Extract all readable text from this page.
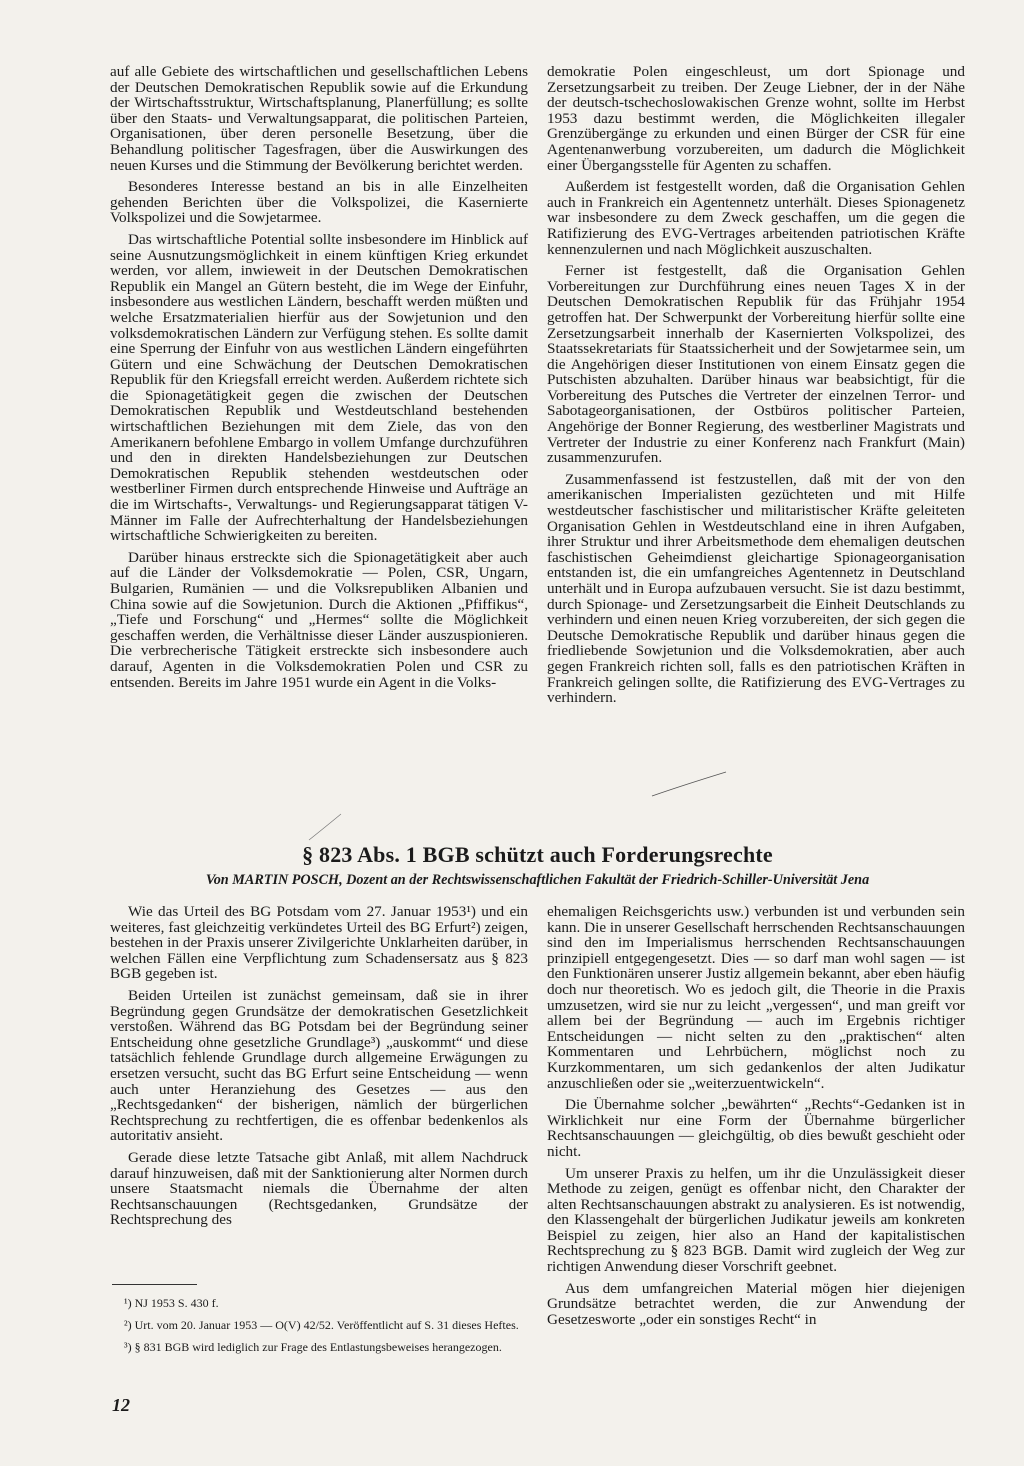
auf alle Gebiete des wirtschaftlichen und gesellschaftlichen Lebens der Deutschen Demokratischen Republik sowie auf die Erkundung der Wirtschaftsstruktur, Wirtschaftsplanung, Planerfüllung; es sollte über den Staats- und Verwaltungsapparat, die politischen Parteien, Organisationen, über deren personelle Besetzung, über die Behandlung politischer Tagesfragen, über die Auswirkungen des neuen Kurses und die Stimmung der Bevölkerung berichtet werden.

Besonderes Interesse bestand an bis in alle Einzelheiten gehenden Berichten über die Volkspolizei, die Kasernierte Volkspolizei und die Sowjetarmee.

Das wirtschaftliche Potential sollte insbesondere im Hinblick auf seine Ausnutzungsmöglichkeit in einem künftigen Krieg erkundet werden, vor allem, inwieweit in der Deutschen Demokratischen Republik ein Mangel an Gütern besteht, die im Wege der Einfuhr, insbesondere aus westlichen Ländern, beschafft werden müßten und welche Ersatzmaterialien hierfür aus der Sowjetunion und den volksdemokratischen Ländern zur Verfügung stehen. Es sollte damit eine Sperrung der Einfuhr von aus westlichen Ländern eingeführten Gütern und eine Schwächung der Deutschen Demokratischen Republik für den Kriegsfall erreicht werden. Außerdem richtete sich die Spionagetätigkeit gegen die zwischen der Deutschen Demokratischen Republik und Westdeutschland bestehenden wirtschaftlichen Beziehungen mit dem Ziele, das von den Amerikanern befohlene Embargo in vollem Umfange durchzuführen und den in direkten Handelsbeziehungen zur Deutschen Demokratischen Republik stehenden westdeutschen oder westberliner Firmen durch entsprechende Hinweise und Aufträge an die im Wirtschafts-, Verwaltungs- und Regierungsapparat tätigen V-Männer im Falle der Aufrechterhaltung der Handelsbeziehungen wirtschaftliche Schwierigkeiten zu bereiten.

Darüber hinaus erstreckte sich die Spionagetätigkeit aber auch auf die Länder der Volksdemokratie — Polen, CSR, Ungarn, Bulgarien, Rumänien — und die Volksrepubliken Albanien und China sowie auf die Sowjetunion. Durch die Aktionen „Pfiffikus“, „Tiefe und Forschung“ und „Hermes“ sollte die Möglichkeit geschaffen werden, die Verhältnisse dieser Länder auszuspionieren. Die verbrecherische Tätigkeit erstreckte sich insbesondere auch darauf, Agenten in die Volksdemokratien Polen und CSR zu entsenden. Bereits im Jahre 1951 wurde ein Agent in die Volks-

demokratie Polen eingeschleust, um dort Spionage und Zersetzungsarbeit zu treiben. Der Zeuge Liebner, der in der Nähe der deutsch-tschechoslowakischen Grenze wohnt, sollte im Herbst 1953 dazu bestimmt werden, die Möglichkeiten illegaler Grenzübergänge zu erkunden und einen Bürger der CSR für eine Agentenanwerbung vorzubereiten, um dadurch die Möglichkeit einer Übergangsstelle für Agenten zu schaffen.

Außerdem ist festgestellt worden, daß die Organisation Gehlen auch in Frankreich ein Agentennetz unterhält. Dieses Spionagenetz war insbesondere zu dem Zweck geschaffen, um die gegen die Ratifizierung des EVG-Vertrages arbeitenden patriotischen Kräfte kennenzulernen und nach Möglichkeit auszuschalten.

Ferner ist festgestellt, daß die Organisation Gehlen Vorbereitungen zur Durchführung eines neuen Tages X in der Deutschen Demokratischen Republik für das Frühjahr 1954 getroffen hat. Der Schwerpunkt der Vorbereitung hierfür sollte eine Zersetzungsarbeit innerhalb der Kasernierten Volkspolizei, des Staatssekretariats für Staatssicherheit und der Sowjetarmee sein, um die Angehörigen dieser Institutionen von einem Einsatz gegen die Putschisten abzuhalten. Darüber hinaus war beabsichtigt, für die Vorbereitung des Putsches die Vertreter der einzelnen Terror- und Sabotageorganisationen, der Ostbüros politischer Parteien, Angehörige der Bonner Regierung, des westberliner Magistrats und Vertreter der Industrie zu einer Konferenz nach Frankfurt (Main) zusammenzurufen.

Zusammenfassend ist festzustellen, daß mit der von den amerikanischen Imperialisten gezüchteten und mit Hilfe westdeutscher faschistischer und militaristischer Kräfte geleiteten Organisation Gehlen in Westdeutschland eine in ihren Aufgaben, ihrer Struktur und ihrer Arbeitsmethode dem ehemaligen deutschen faschistischen Geheimdienst gleichartige Spionageorganisation entstanden ist, die ein umfangreiches Agentennetz in Deutschland unterhält und in Europa aufzubauen versucht. Sie ist dazu bestimmt, durch Spionage- und Zersetzungsarbeit die Einheit Deutschlands zu verhindern und einen neuen Krieg vorzubereiten, der sich gegen die Deutsche Demokratische Republik und darüber hinaus gegen die friedliebende Sowjetunion und die Volksdemokratien, aber auch gegen Frankreich richten soll, falls es den patriotischen Kräften in Frankreich gelingen sollte, die Ratifizierung des EVG-Vertrages zu verhindern.

§ 823 Abs. 1 BGB schützt auch Forderungsrechte
Von MARTIN POSCH, Dozent an der Rechtswissenschaftlichen Fakultät der Friedrich-Schiller-Universität Jena

Wie das Urteil des BG Potsdam vom 27. Januar 1953¹) und ein weiteres, fast gleichzeitig verkündetes Urteil des BG Erfurt²) zeigen, bestehen in der Praxis unserer Zivilgerichte Unklarheiten darüber, in welchen Fällen eine Verpflichtung zum Schadensersatz aus § 823 BGB gegeben ist.

Beiden Urteilen ist zunächst gemeinsam, daß sie in ihrer Begründung gegen Grundsätze der demokratischen Gesetzlichkeit verstoßen. Während das BG Potsdam bei der Begründung seiner Entscheidung ohne gesetzliche Grundlage³) „auskommt“ und diese tatsächlich fehlende Grundlage durch allgemeine Erwägungen zu ersetzen versucht, sucht das BG Erfurt seine Entscheidung — wenn auch unter Heranziehung des Gesetzes — aus den „Rechtsgedanken“ der bisherigen, nämlich der bürgerlichen Rechtsprechung zu rechtfertigen, die es offenbar bedenkenlos als autoritativ ansieht.

Gerade diese letzte Tatsache gibt Anlaß, mit allem Nachdruck darauf hinzuweisen, daß mit der Sanktionierung alter Normen durch unsere Staatsmacht niemals die Übernahme der alten Rechtsanschauungen (Rechtsgedanken, Grundsätze der Rechtsprechung des

ehemaligen Reichsgerichts usw.) verbunden ist und verbunden sein kann. Die in unserer Gesellschaft herrschenden Rechtsanschauungen sind den im Imperialismus herrschenden Rechtsanschauungen prinzipiell entgegengesetzt. Dies — so darf man wohl sagen — ist den Funktionären unserer Justiz allgemein bekannt, aber eben häufig doch nur theoretisch. Wo es jedoch gilt, die Theorie in die Praxis umzusetzen, wird sie nur zu leicht „vergessen“, und man greift vor allem bei der Begründung — auch im Ergebnis richtiger Entscheidungen — nicht selten zu den „praktischen“ alten Kommentaren und Lehrbüchern, möglichst noch zu Kurzkommentaren, um sich gedankenlos der alten Judikatur anzuschließen oder sie „weiterzuentwickeln“.

Die Übernahme solcher „bewährten“ „Rechts“-Gedanken ist in Wirklichkeit nur eine Form der Übernahme bürgerlicher Rechtsanschauungen — gleichgültig, ob dies bewußt geschieht oder nicht.

Um unserer Praxis zu helfen, um ihr die Unzulässigkeit dieser Methode zu zeigen, genügt es offenbar nicht, den Charakter der alten Rechtsanschauungen abstrakt zu analysieren. Es ist notwendig, den Klassengehalt der bürgerlichen Judikatur jeweils am konkreten Beispiel zu zeigen, hier also an Hand der kapitalistischen Rechtsprechung zu § 823 BGB. Damit wird zugleich der Weg zur richtigen Anwendung dieser Vorschrift geebnet.

Aus dem umfangreichen Material mögen hier diejenigen Grundsätze betrachtet werden, die zur Anwendung der Gesetzesworte „oder ein sonstiges Recht“ in

¹) NJ 1953 S. 430 f.

²) Urt. vom 20. Januar 1953 — O(V) 42/52. Veröffentlicht auf S. 31 dieses Heftes.

³) § 831 BGB wird lediglich zur Frage des Entlastungsbeweises herangezogen.

12
